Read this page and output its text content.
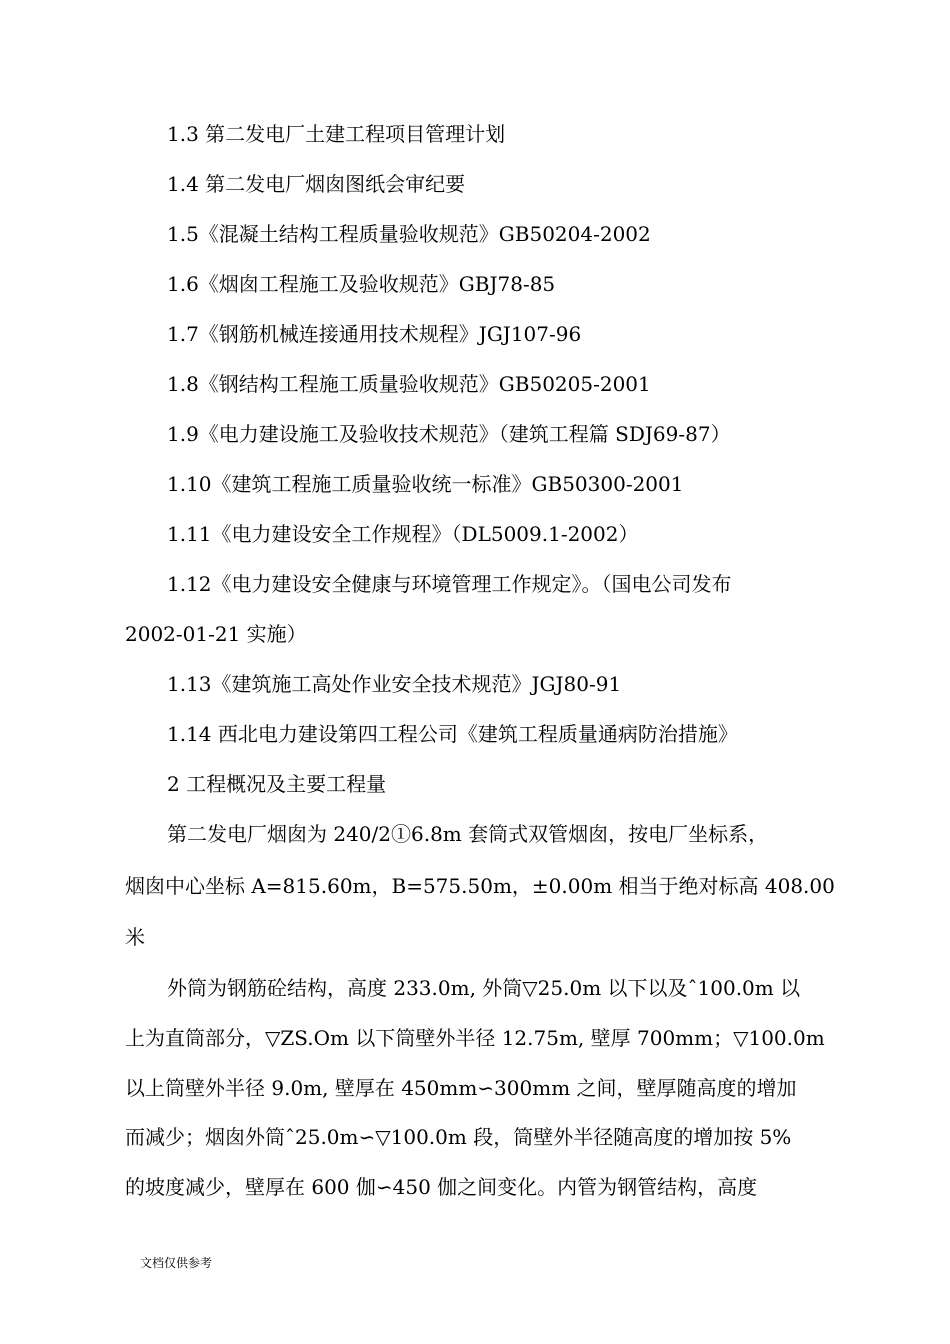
1.3 第二发电厂土建工程项目管理计划
1.4 第二发电厂烟囱图纸会审纪要
1.5《混凝土结构工程质量验收规范》GB50204-2002
1.6《烟囱工程施工及验收规范》GBJ78-85
1.7《钢筋机械连接通用技术规程》JGJ107-96
1.8《钢结构工程施工质量验收规范》GB50205-2001
1.9《电力建设施工及验收技术规范》（建筑工程篇 SDJ69-87）
1.10《建筑工程施工质量验收统一标准》GB50300-2001
1.11《电力建设安全工作规程》（DL5009.1-2002）
1.12《电力建设安全健康与环境管理工作规定》。（国电公司发布
2002-01-21 实施）
1.13《建筑施工高处作业安全技术规范》JGJ80-91
1.14 西北电力建设第四工程公司《建筑工程质量通病防治措施》
2 工程概况及主要工程量
第二发电厂烟囱为 240/2①6.8m 套筒式双管烟囱，按电厂坐标系，
烟囱中心坐标 A=815.60m，B=575.50m，±0.00m 相当于绝对标高 408.00
米
外筒为钢筋砼结构，高度 233.0m, 外筒▽25.0m 以下以及ˆ100.0m 以
上为直筒部分，▽ZS.Om 以下筒壁外半径 12.75m, 壁厚 700mm；▽100.0m
以上筒壁外半径 9.0m, 壁厚在 450mm∽300mm 之间，壁厚随高度的增加
而减少；烟囱外筒ˆ25.0m∽▽100.0m 段，筒壁外半径随高度的增加按 5%
的坡度减少，壁厚在 600 伽∽450 伽之间变化。内管为钢管结构，高度
文档仅供参考
